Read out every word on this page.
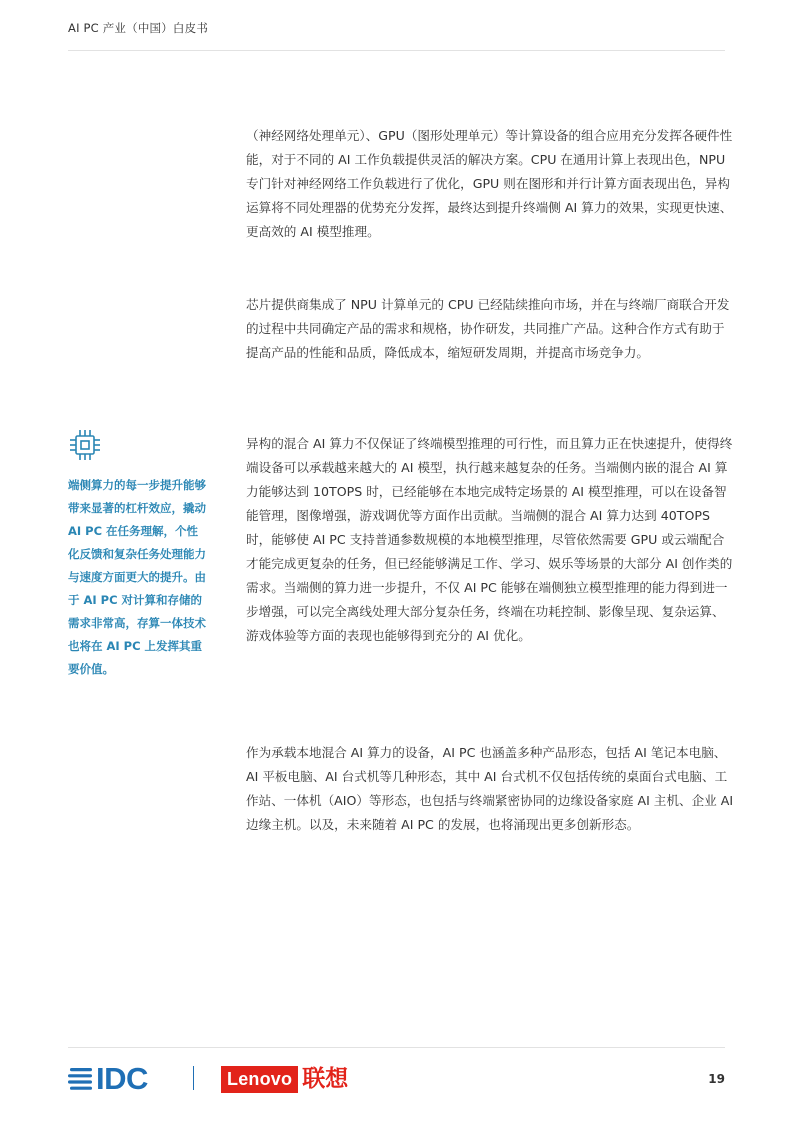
AI PC 产业（中国）白皮书

（神经网络处理单元）、GPU（图形处理单元）等计算设备的组合应用充分发挥各硬件性能，对于不同的 AI 工作负载提供灵活的解决方案。CPU 在通用计算上表现出色，NPU 专门针对神经网络工作负载进行了优化，GPU 则在图形和并行计算方面表现出色，异构运算将不同处理器的优势充分发挥，最终达到提升终端侧 AI 算力的效果，实现更快速、更高效的 AI 模型推理。

芯片提供商集成了 NPU 计算单元的 CPU 已经陆续推向市场，并在与终端厂商联合开发的过程中共同确定产品的需求和规格，协作研发，共同推广产品。这种合作方式有助于提高产品的性能和品质，降低成本，缩短研发周期，并提高市场竞争力。

异构的混合 AI 算力不仅保证了终端模型推理的可行性，而且算力正在快速提升，使得终端设备可以承载越来越大的 AI 模型，执行越来越复杂的任务。当端侧内嵌的混合 AI 算力能够达到 10TOPS 时，已经能够在本地完成特定场景的 AI 模型推理，可以在设备智能管理，图像增强，游戏调优等方面作出贡献。当端侧的混合 AI 算力达到 40TOPS 时，能够使 AI PC 支持普通参数规模的本地模型推理，尽管依然需要 GPU 或云端配合才能完成更复杂的任务，但已经能够满足工作、学习、娱乐等场景的大部分 AI 创作类的需求。当端侧的算力进一步提升，不仅 AI PC 能够在端侧独立模型推理的能力得到进一步增强，可以完全离线处理大部分复杂任务，终端在功耗控制、影像呈现、复杂运算、游戏体验等方面的表现也能够得到充分的 AI 优化。

作为承载本地混合 AI 算力的设备，AI PC 也涵盖多种产品形态，包括 AI 笔记本电脑、AI 平板电脑、AI 台式机等几种形态，其中 AI 台式机不仅包括传统的桌面台式电脑、工作站、一体机（AIO）等形态，也包括与终端紧密协同的边缘设备家庭 AI 主机、企业 AI 边缘主机。以及，未来随着 AI PC 的发展，也将涌现出更多创新形态。

端侧算力的每一步提升能够带来显著的杠杆效应，撬动 AI PC 在任务理解，个性化反馈和复杂任务处理能力与速度方面更大的提升。由于 AI PC 对计算和存储的需求非常高，存算一体技术也将在 AI PC 上发挥其重要价值。
IDC	Lenovo 联想	19
